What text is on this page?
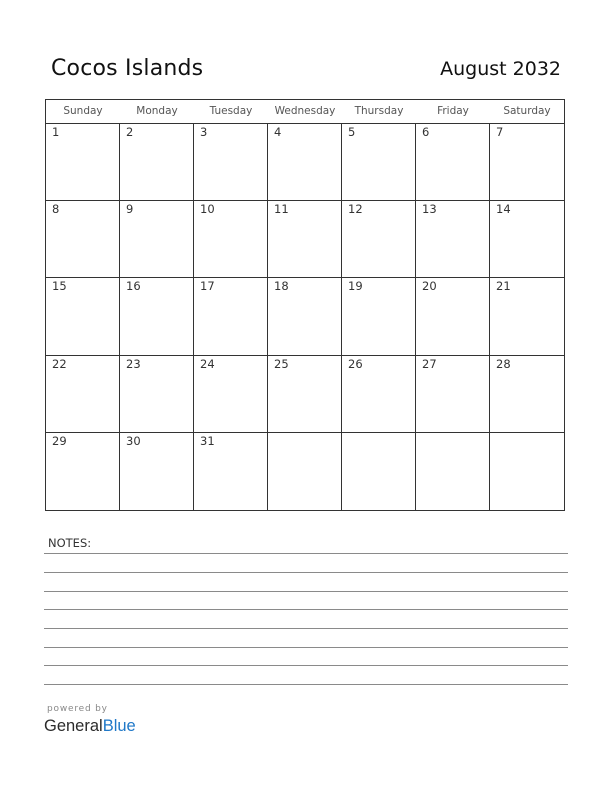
Cocos Islands	August 2032
Sunday	Monday	Tuesday	Wednesday	Thursday	Friday	Saturday
1	2	3	4	5	6	7
8	9	10	11	12	13	14
15	16	17	18	19	20	21
22	23	24	25	26	27	28
29	30	31
NOTES:
powered by
GeneralBlue
